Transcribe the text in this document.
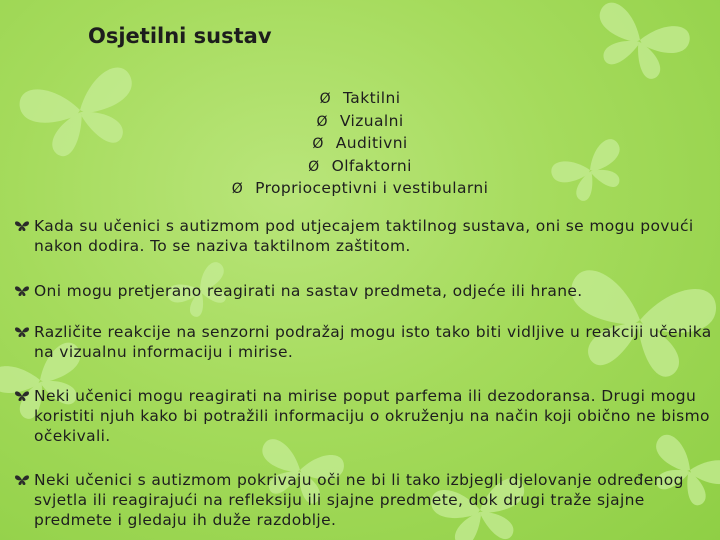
Osjetilni sustav
Ø Taktilni
Ø Vizualni
Ø Auditivni
Ø Olfaktorni
Ø Proprioceptivni i vestibularni
Kada su učenici s autizmom pod utjecajem taktilnog sustava, oni se mogu povući nakon dodira. To se naziva taktilnom zaštitom.
Oni mogu pretjerano reagirati na sastav predmeta, odjeće ili hrane.
Različite reakcije na senzorni podražaj mogu isto tako biti vidljive u reakciji učenika na vizualnu informaciju i mirise.
Neki učenici mogu reagirati na mirise poput parfema ili dezodoransa. Drugi mogu koristiti njuh kako bi potražili informaciju o okruženju na način koji obično ne bismo očekivali.
Neki učenici s autizmom pokrivaju oči ne bi li tako izbjegli djelovanje određenog svjetla ili reagirajući na refleksiju ili sjajne predmete, dok drugi traže sjajne predmete i gledaju ih duže razdoblje.
